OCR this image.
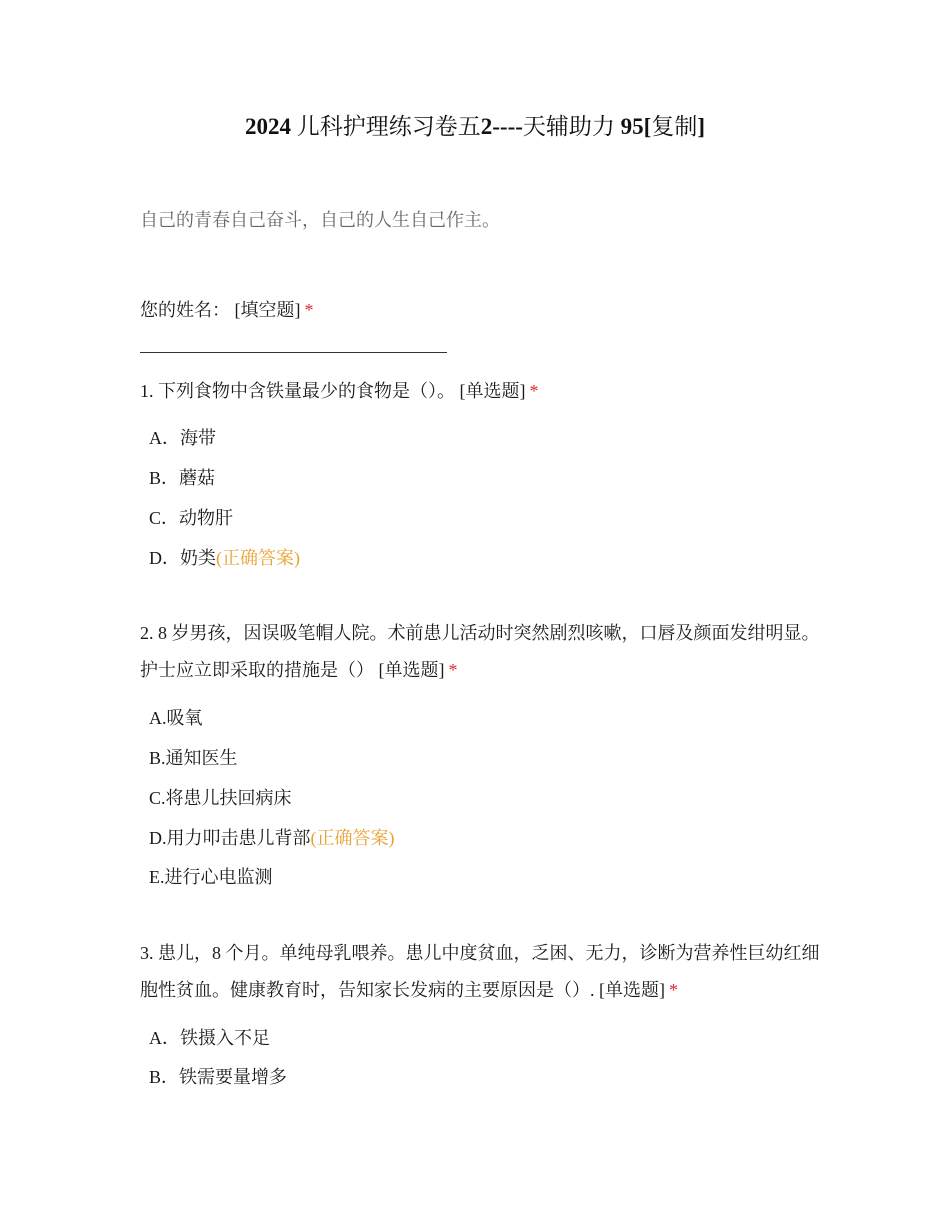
2024 儿科护理练习卷五2----天辅助力 95[复制]
自己的青春自己奋斗，自己的人生自己作主。
您的姓名： [填空题] *
1. 下列食物中含铁量最少的食物是（）。 [单选题] *
A．海带
B．蘑菇
C．动物肝
D．奶类(正确答案)
2. 8 岁男孩，因误吸笔帽人院。术前患儿活动时突然剧烈咳嗽，口唇及颜面发绀明显。护士应立即采取的措施是（） [单选题] *
A.吸氧
B.通知医生
C.将患儿扶回病床
D.用力叩击患儿背部(正确答案)
E.进行心电监测
3. 患儿，8 个月。单纯母乳喂养。患儿中度贫血，乏困、无力，诊断为营养性巨幼红细胞性贫血。健康教育时，告知家长发病的主要原因是（）. [单选题] *
A．铁摄入不足
B．铁需要量增多
